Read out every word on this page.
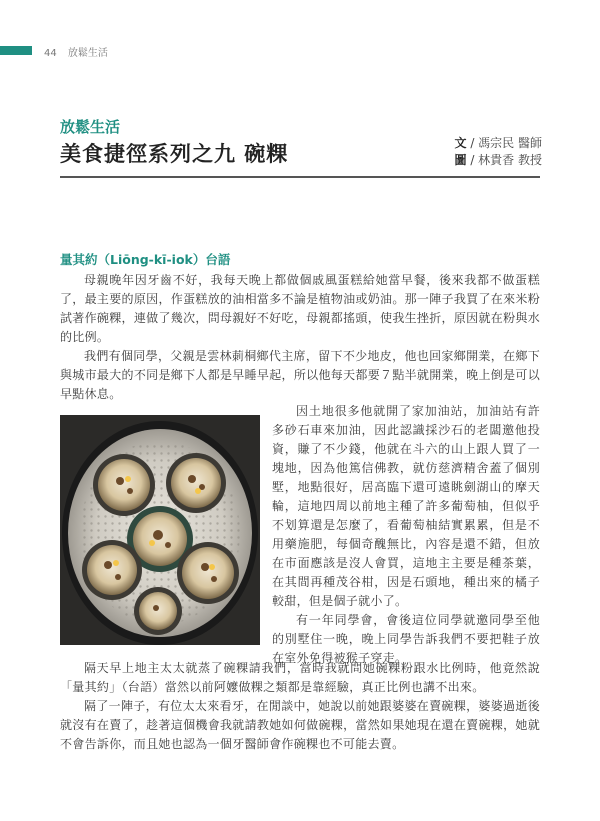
44 放鬆生活
放鬆生活
美食捷徑系列之九 碗粿	文 / 馮宗民 醫師
圖 / 林貴香 教授
量其約（Liōng-kī-iok）台語

母親晚年因牙齒不好，我每天晚上都做個戚風蛋糕給她當早餐，後來我都不做蛋糕了，最主要的原因，作蛋糕放的油相當多不論是植物油或奶油。那一陣子我買了在來米粉試著作碗粿，連做了幾次，問母親好不好吃，母親都搖頭，使我生挫折，原因就在粉與水的比例。

我們有個同學，父親是雲林莿桐鄉代主席，留下不少地皮，他也回家鄉開業，在鄉下與城市最大的不同是鄉下人都是早睡早起，所以他每天都要７點半就開業，晚上倒是可以早點休息。

因土地很多他就開了家加油站，加油站有許多砂石車來加油，因此認識採沙石的老闆邀他投資，賺了不少錢，他就在斗六的山上跟人買了一塊地，因為他篤信佛教，就仿慈濟精舍蓋了個別墅，地點很好，居高臨下還可遠眺劍湖山的摩天輪，這地四周以前地主種了許多葡萄柚，但似乎不划算還是怎麼了，看葡萄柚結實累累，但是不用藥施肥，每個奇醜無比，內容是還不錯，但放在市面應該是沒人會買，這地主主要是種茶葉，在其間再種茂谷柑，因是石頭地，種出來的橘子較甜，但是個子就小了。

有一年同學會，會後這位同學就邀同學至他的別墅住一晚，晚上同學告訴我們不要把鞋子放在室外免得被猴子穿走。

隔天早上地主太太就蒸了碗粿請我們，當時我就問她碗粿粉跟水比例時，他竟然說「量其約」（台語）當然以前阿嬤做粿之類都是靠經驗，真正比例也講不出來。

隔了一陣子，有位太太來看牙，在閒談中，她說以前她跟婆婆在賣碗粿，婆婆過逝後就沒有在賣了，趁著這個機會我就請教她如何做碗粿，當然如果她現在還在賣碗粿，她就不會告訴你，而且她也認為一個牙醫師會作碗粿也不可能去賣。
